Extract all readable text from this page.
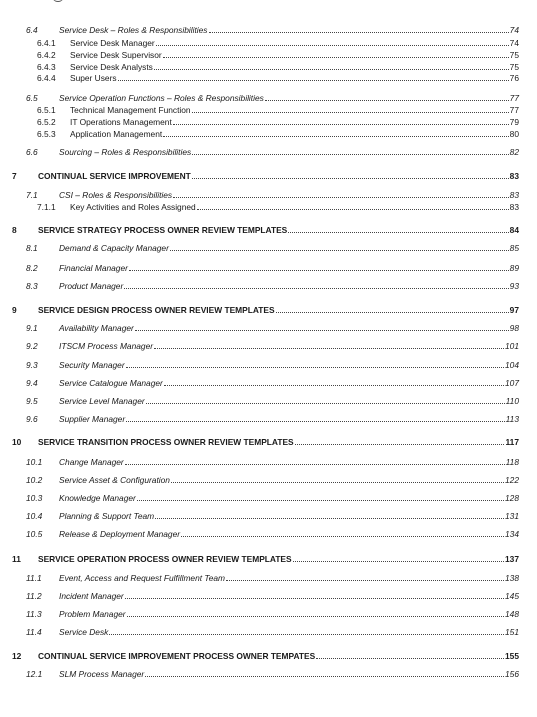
6.4	Service Desk – Roles & Responsibilities	74
6.4.1 Service Desk Manager	74
6.4.2 Service Desk Supervisor	75
6.4.3 Service Desk Analysts	75
6.4.4 Super Users	76
6.5	Service Operation Functions – Roles & Responsibilities	77
6.5.1 Technical Management Function	77
6.5.2 IT Operations Management	79
6.5.3 Application Management	80
6.6	Sourcing – Roles & Responsibilities	82
7	CONTINUAL SERVICE IMPROVEMENT	83
7.1	CSI – Roles & Responsibilities	83
7.1.1 Key Activities and Roles Assigned	83
8	SERVICE STRATEGY PROCESS OWNER REVIEW TEMPLATES	84
8.1	Demand & Capacity Manager	85
8.2	Financial Manager	89
8.3	Product Manager	93
9	SERVICE DESIGN PROCESS OWNER REVIEW TEMPLATES	97
9.1	Availability Manager	98
9.2	ITSCM Process Manager	101
9.3	Security Manager	104
9.4	Service Catalogue Manager	107
9.5	Service Level Manager	110
9.6	Supplier Manager	113
10 SERVICE TRANSITION PROCESS OWNER REVIEW TEMPLATES	117
10.1 Change Manager	118
10.2 Service Asset & Configuration	122
10.3 Knowledge Manager	128
10.4 Planning & Support Team	131
10.5 Release & Deployment Manager	134
11 SERVICE OPERATION PROCESS OWNER REVIEW TEMPLATES	137
11.1 Event, Access and Request Fulfillment Team	138
11.2 Incident Manager	145
11.3 Problem Manager	148
11.4 Service Desk	151
12 CONTINUAL SERVICE IMPROVEMENT PROCESS OWNER TEMPATES	155
12.1 SLM Process Manager	156
